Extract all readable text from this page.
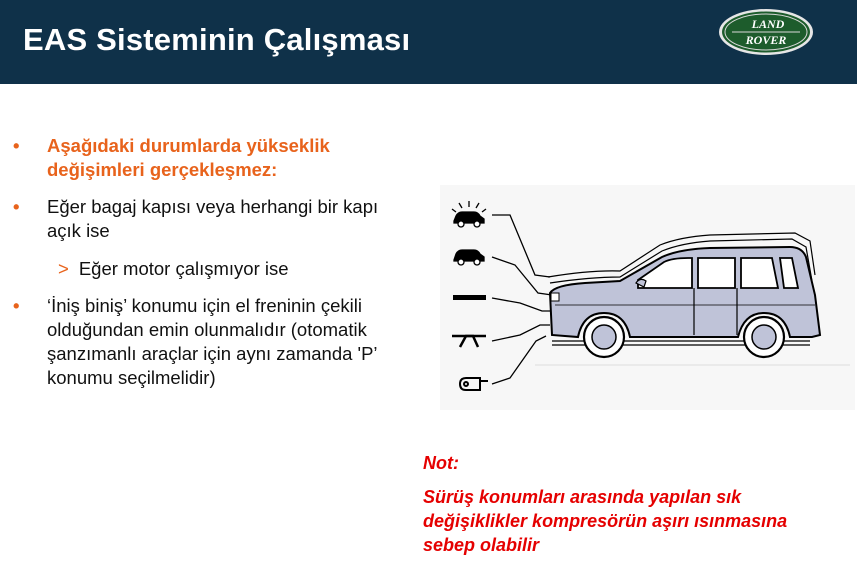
EAS Sisteminin Çalışması	LAND
ROVER
• Aşağıdaki durumlarda yükseklik değişimleri gerçekleşmez:
• Eğer bagaj kapısı veya herhangi bir kapı açık ise
> Eğer motor çalışmıyor ise
• ‘İniş biniş’ konumu için el freninin çekili olduğundan emin olunmalıdır (otomatik şanzımanlı araçlar için aynı zamanda 'P’ konumu seçilmelidir)
Not:
Sürüş konumları arasında yapılan sık değişiklikler kompresörün aşırı ısınmasına sebep olabilir
